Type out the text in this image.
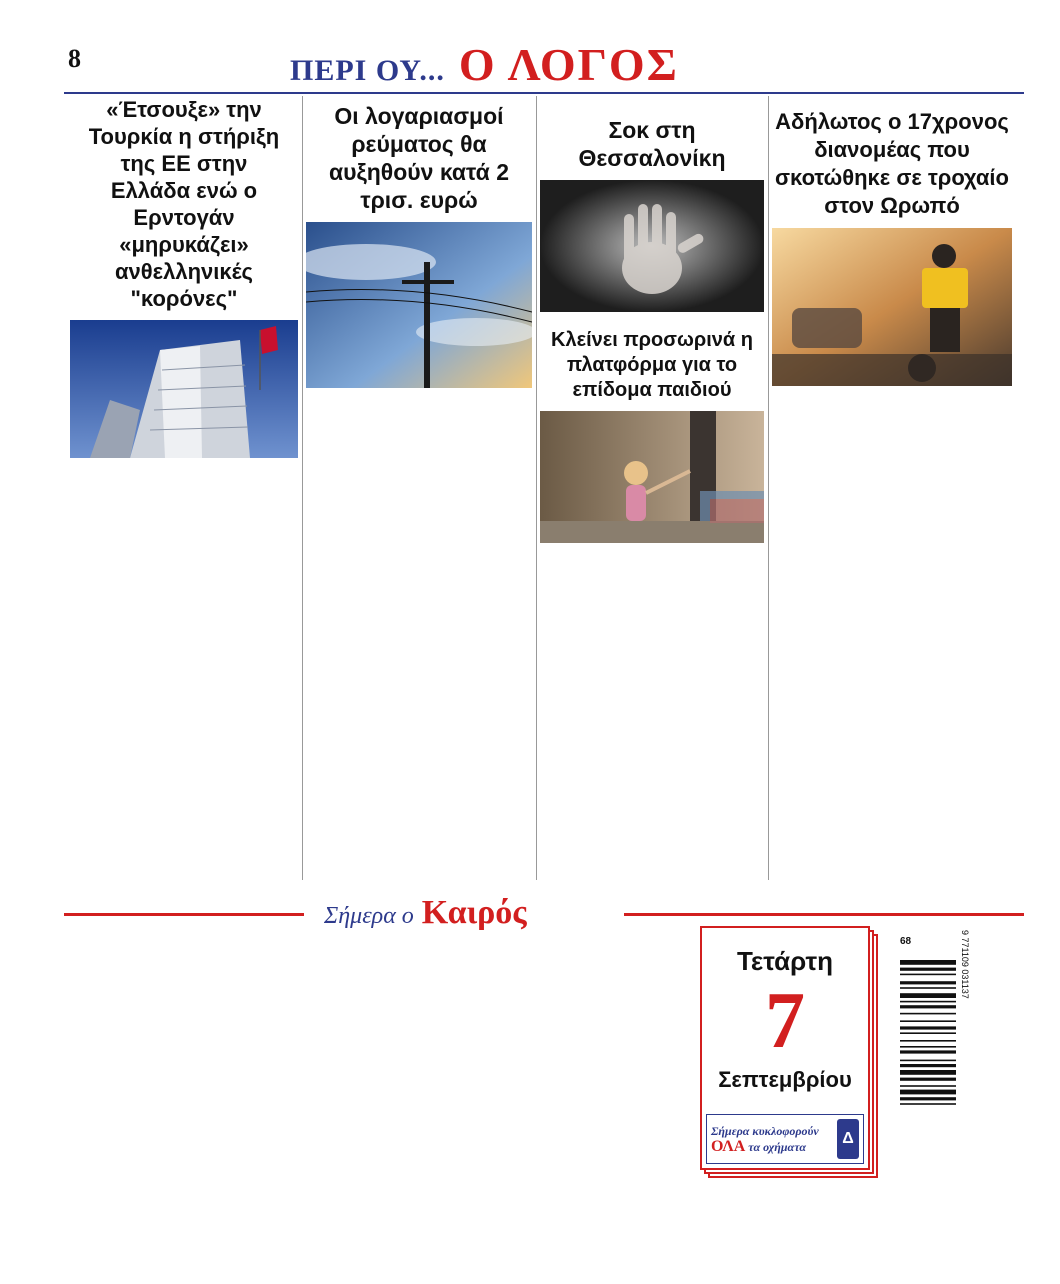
8	ΠΕΡΙ ΟΥ... Ο ΛΟΓΟΣ
«Έτσουξε» την Τουρκία η στήριξη της ΕΕ στην Ελλάδα ενώ ο Ερντογάν «μηρυκάζει» ανθελληνικές "κορόνες"
Οι λογαριασμοί ρεύματος θα αυξηθούν κατά 2 τρισ. ευρώ
Σοκ στη Θεσσαλονίκη
Κλείνει προσωρινά η πλατφόρμα για το επίδομα παιδιού
Αδήλωτος ο 17χρονος διανομέας που σκοτώθηκε σε τροχαίο στον Ωρωπό
Σήμερα ο Καιρός
Τετάρτη
7
Σεπτεμβρίου
Σήμερα κυκλοφορούν
ΟΛΑ τα οχήματα	Δ
9 771109 031137
68
